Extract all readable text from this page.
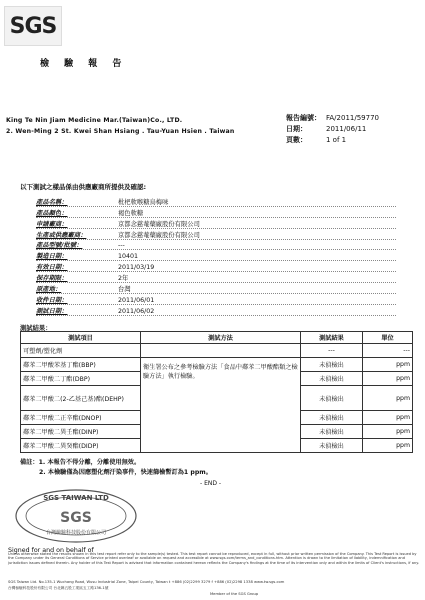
SGS
檢 驗 報 告
King Te Nin Jiam Medicine Mar.(Taiwan)Co., LTD.
2. Wen-Ming 2 St. Kwei Shan Hsiang . Tau-Yuan Hsien . Taiwan
報告編號： FA/2011/59770
日期：	2011/06/11
頁數：	1 of 1
以下測試之樣品係由供應廠商所提供及確認:
產品名稱：	枇杷軟喉糖烏梅味
產品顏色：	褐色軟糖
申請廠商：	京都念慈菴藥廠股份有限公司
生產或供應廠商：	京都念慈菴藥廠股份有限公司
產品型號/批號：	---
製造日期：	10401
有效日期：	2011/03/19
保存期限：	2年
原產地：	台灣
收件日期：	2011/06/01
測試日期：	2011/06/02
測試結果：
測試項目	測試方法	測試結果	單位
可塑劑/塑化劑		---	---
鄰苯二甲酸苯基丁酯(BBP)	衛生署公布之參考檢驗方法「食品中鄰苯二甲酸酯類之檢驗方法」執行檢驗。	未偵檢出	ppm
鄰苯二甲酸二丁酯(DBP)		未偵檢出	ppm
鄰苯二甲酸二(2-乙基己基)酯(DEHP)		未偵檢出	ppm
鄰苯二甲酸二正辛酯(DNOP)		未偵檢出	ppm
鄰苯二甲酸二異壬酯(DINP)		未偵檢出	ppm
鄰苯二甲酸二異癸酯(DIDP)		未偵檢出	ppm
備註：1. 本報告不得分離，分離使用無效。
2. 本檢驗僅為因應塑化劑汙染事件，快速篩檢暫訂為1 ppm。
- END -
SGS TAIWAN LTD
SGS
台灣檢驗科技股份有限公司
Signed for and on behalf of
Unless otherwise stated the results shown in this test report refer only to the sample(s) tested. This test report cannot be reproduced, except in full, without prior written permission of the Company. This Test Report is issued by the Company under its General Conditions of Service printed overleaf or available on request and accessible at www.sgs.com/terms_and_conditions.htm. Attention is drawn to the limitation of liability, indemnification and jurisdiction issues defined therein. Any holder of this Test Report is advised that information contained hereon reflects the Company's findings at the time of its intervention only and within the limits of Client's instructions, if any.
SGS Taiwan Ltd. No.135-1 Wuchang Road, Wusu Industrial Zone, Taipei County, Taiwan t +886 (02)2299 3279 f +886 (02)2298 1338 www.tw.sgs.com
台灣檢驗科技股份有限公司 台北縣五股工業區五工路136-1號
Member of the SGS Group
